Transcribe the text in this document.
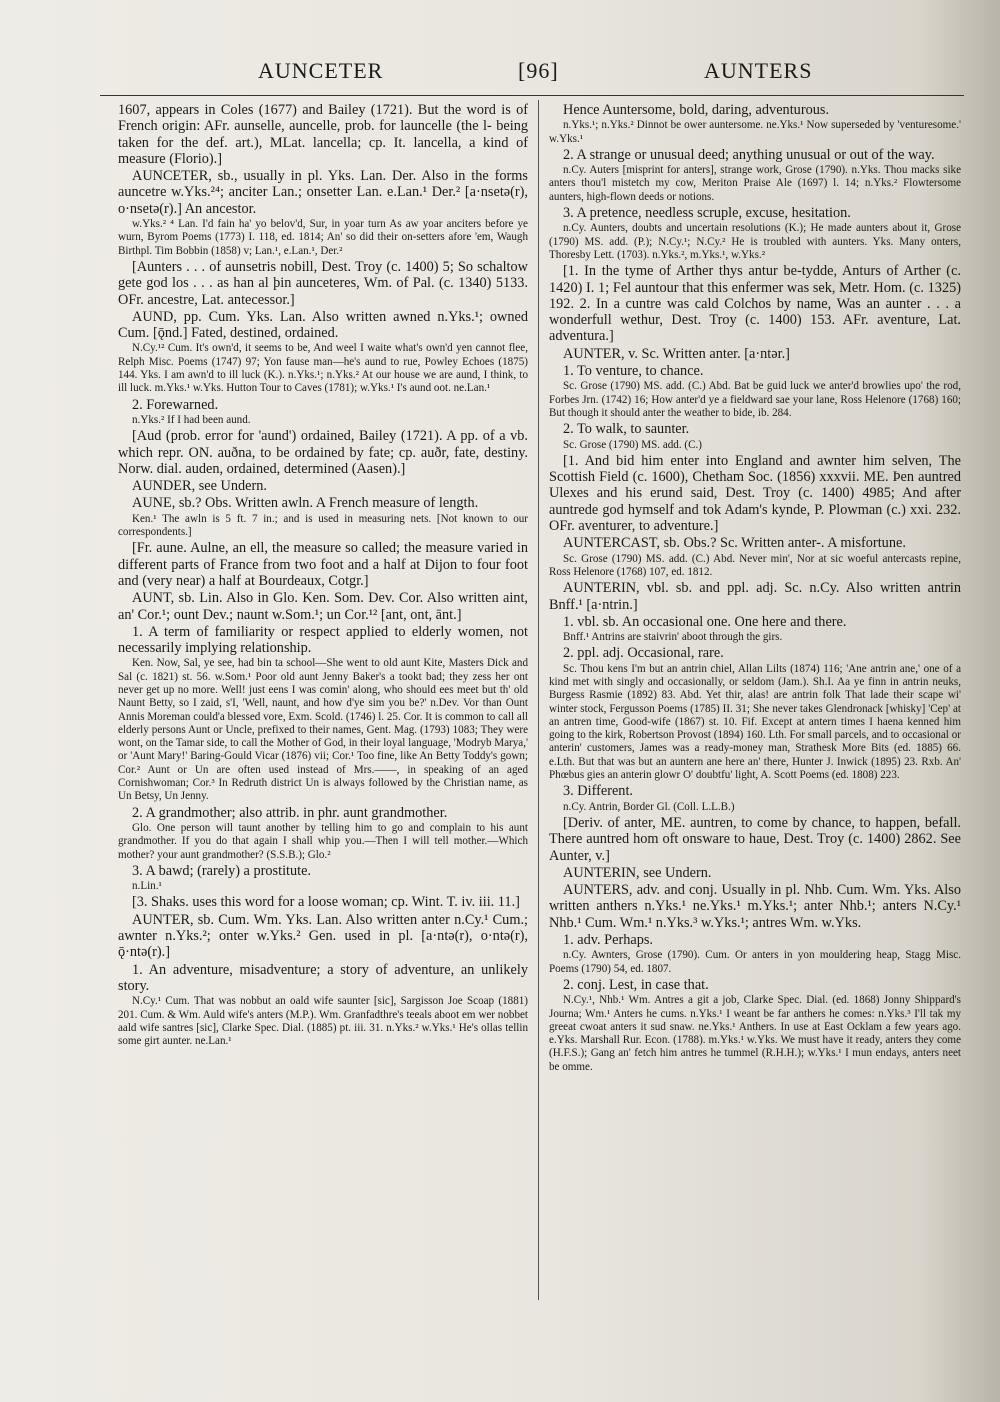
AUNCETER	[96]	AUNTERS

1607, appears in Coles (1677) and Bailey (1721). But the word is of French origin: AFr. aunselle, auncelle, prob. for launcelle (the l- being taken for the def. art.), MLat. lancella; cp. It. lancella, a kind of measure (Florio).]

AUNCETER, sb., usually in pl. Yks. Lan. Der. Also in the forms auncetre w.Yks.²⁴; anciter Lan.; onsetter Lan. e.Lan.¹ Der.² [a·nsetə(r), o·nsetə(r).] An ancestor.

w.Yks.² ⁴ Lan. I'd fain ha' yo belov'd, Sur, in yoar turn As aw yoar anciters before ye wurn, Byrom Poems (1773) I. 118, ed. 1814; An' so did their on-setters afore 'em, Waugh Birthpl. Tim Bobbin (1858) v; Lan.¹, e.Lan.¹, Der.²

[Aunters . . . of aunsetris nobill, Dest. Troy (c. 1400) 5; So schaltow gete god los . . . as han al þin aunceteres, Wm. of Pal. (c. 1340) 5133. OFr. ancestre, Lat. antecessor.]

AUND, pp. Cum. Yks. Lan. Also written awned n.Yks.¹; owned Cum. [ǭnd.] Fated, destined, ordained.

N.Cy.¹² Cum. It's own'd, it seems to be, And weel I waite what's own'd yen cannot flee, Relph Misc. Poems (1747) 97; Yon fause man—he's aund to rue, Powley Echoes (1875) 144. Yks. I am awn'd to ill luck (K.). n.Yks.¹; n.Yks.² At our house we are aund, I think, to ill luck. m.Yks.¹ w.Yks. Hutton Tour to Caves (1781); w.Yks.¹ I's aund oot. ne.Lan.¹

2. Forewarned.

n.Yks.² If I had been aund.

[Aud (prob. error for 'aund') ordained, Bailey (1721). A pp. of a vb. which repr. ON. auðna, to be ordained by fate; cp. auðr, fate, destiny. Norw. dial. auden, ordained, determined (Aasen).]

AUNDER, see Undern.

AUNE, sb.? Obs. Written awln. A French measure of length.

Ken.¹ The awln is 5 ft. 7 in.; and is used in measuring nets. [Not known to our correspondents.]

[Fr. aune. Aulne, an ell, the measure so called; the measure varied in different parts of France from two foot and a half at Dijon to four foot and (very near) a half at Bourdeaux, Cotgr.]

AUNT, sb. Lin. Also in Glo. Ken. Som. Dev. Cor. Also written aint, an' Cor.¹; ount Dev.; naunt w.Som.¹; un Cor.¹² [ant, ont, ānt.]

1. A term of familiarity or respect applied to elderly women, not necessarily implying relationship.

Ken. Now, Sal, ye see, had bin ta school—She went to old aunt Kite, Masters Dick and Sal (c. 1821) st. 56. w.Som.¹ Poor old aunt Jenny Baker's a tookt bad; they zess her ont never get up no more. Well! just eens I was comin' along, who should ees meet but th' old Naunt Betty, so I zaid, s'I, 'Well, naunt, and how d'ye sim you be?' n.Dev. Vor than Ount Annis Moreman could'a blessed vore, Exm. Scold. (1746) l. 25. Cor. It is common to call all elderly persons Aunt or Uncle, prefixed to their names, Gent. Mag. (1793) 1083; They were wont, on the Tamar side, to call the Mother of God, in their loyal language, 'Modryb Marya,' or 'Aunt Mary!' Baring-Gould Vicar (1876) vii; Cor.¹ Too fine, like An Betty Toddy's gown; Cor.² Aunt or Un are often used instead of Mrs.——, in speaking of an aged Cornishwoman; Cor.³ In Redruth district Un is always followed by the Christian name, as Un Betsy, Un Jenny.

2. A grandmother; also attrib. in phr. aunt grandmother.

Glo. One person will taunt another by telling him to go and complain to his aunt grandmother. If you do that again I shall whip you.—Then I will tell mother.—Which mother? your aunt grandmother? (S.S.B.); Glo.²

3. A bawd; (rarely) a prostitute.

n.Lin.¹

[3. Shaks. uses this word for a loose woman; cp. Wint. T. iv. iii. 11.]

AUNTER, sb. Cum. Wm. Yks. Lan. Also written anter n.Cy.¹ Cum.; awnter n.Yks.²; onter w.Yks.² Gen. used in pl. [a·ntə(r), o·ntə(r), ǭ·ntə(r).]

1. An adventure, misadventure; a story of adventure, an unlikely story.

N.Cy.¹ Cum. That was nobbut an oald wife saunter [sic], Sargisson Joe Scoap (1881) 201. Cum. & Wm. Auld wife's anters (M.P.). Wm. Granfadthre's teeals aboot em wer nobbet aald wife santres [sic], Clarke Spec. Dial. (1885) pt. iii. 31. n.Yks.² w.Yks.¹ He's ollas tellin some girt aunter. ne.Lan.¹

Hence Auntersome, bold, daring, adventurous.

n.Yks.¹; n.Yks.² Dinnot be ower auntersome. ne.Yks.¹ Now superseded by 'venturesome.' w.Yks.¹

2. A strange or unusual deed; anything unusual or out of the way.

n.Cy. Auters [misprint for anters], strange work, Grose (1790). n.Yks. Thou macks sike anters thou'l mistetch my cow, Meriton Praise Ale (1697) l. 14; n.Yks.² Flowtersome aunters, high-flown deeds or notions.

3. A pretence, needless scruple, excuse, hesitation.

n.Cy. Aunters, doubts and uncertain resolutions (K.); He made aunters about it, Grose (1790) MS. add. (P.); N.Cy.¹; N.Cy.² He is troubled with aunters. Yks. Many onters, Thoresby Lett. (1703). n.Yks.², m.Yks.¹, w.Yks.²

[1. In the tyme of Arther thys antur be-tydde, Anturs of Arther (c. 1420) I. 1; Fel auntour that this enfermer was sek, Metr. Hom. (c. 1325) 192. 2. In a cuntre was cald Colchos by name, Was an aunter . . . a wonderfull wethur, Dest. Troy (c. 1400) 153. AFr. aventure, Lat. adventura.]

AUNTER, v. Sc. Written anter. [a·ntər.]

1. To venture, to chance.

Sc. Grose (1790) MS. add. (C.) Abd. Bat be guid luck we anter'd browlies upo' the rod, Forbes Jrn. (1742) 16; How anter'd ye a fieldward sae your lane, Ross Helenore (1768) 160; But though it should anter the weather to bide, ib. 284.

2. To walk, to saunter.

Sc. Grose (1790) MS. add. (C.)

[1. And bid him enter into England and awnter him selven, The Scottish Field (c. 1600), Chetham Soc. (1856) xxxvii. ME. Þen auntred Ulexes and his erund said, Dest. Troy (c. 1400) 4985; And after auntrede god hymself and tok Adam's kynde, P. Plowman (c.) xxi. 232. OFr. aventurer, to adventure.]

AUNTERCAST, sb. Obs.? Sc. Written anter-. A misfortune.

Sc. Grose (1790) MS. add. (C.) Abd. Never min', Nor at sic woeful antercasts repine, Ross Helenore (1768) 107, ed. 1812.

AUNTERIN, vbl. sb. and ppl. adj. Sc. n.Cy. Also written antrin Bnff.¹ [a·ntrin.]

1. vbl. sb. An occasional one. One here and there.

Bnff.¹ Antrins are staivrin' aboot through the girs.

2. ppl. adj. Occasional, rare.

Sc. Thou kens I'm but an antrin chiel, Allan Lilts (1874) 116; 'Ane antrin ane,' one of a kind met with singly and occasionally, or seldom (Jam.). Sh.I. Aa ye finn in antrin neuks, Burgess Rasmie (1892) 83. Abd. Yet thir, alas! are antrin folk That lade their scape wi' winter stock, Fergusson Poems (1785) II. 31; She never takes Glendronack [whisky] 'Cep' at an antren time, Good-wife (1867) st. 10. Fif. Except at antern times I haena kenned him going to the kirk, Robertson Provost (1894) 160. Lth. For small parcels, and to occasional or anterin' customers, James was a ready-money man, Strathesk More Bits (ed. 1885) 66. e.Lth. But that was but an auntern ane here an' there, Hunter J. Inwick (1895) 23. Rxb. An' Phœbus gies an anterin glowr O' doubtfu' light, A. Scott Poems (ed. 1808) 223.

3. Different.

n.Cy. Antrin, Border Gl. (Coll. L.L.B.)

[Deriv. of anter, ME. auntren, to come by chance, to happen, befall. There auntred hom oft onsware to haue, Dest. Troy (c. 1400) 2862. See Aunter, v.]

AUNTERIN, see Undern.

AUNTERS, adv. and conj. Usually in pl. Nhb. Cum. Wm. Yks. Also written anthers n.Yks.¹ ne.Yks.¹ m.Yks.¹; anter Nhb.¹; anters N.Cy.¹ Nhb.¹ Cum. Wm.¹ n.Yks.³ w.Yks.¹; antres Wm. w.Yks.

1. adv. Perhaps.

n.Cy. Awnters, Grose (1790). Cum. Or anters in yon mouldering heap, Stagg Misc. Poems (1790) 54, ed. 1807.

2. conj. Lest, in case that.

N.Cy.¹, Nhb.¹ Wm. Antres a git a job, Clarke Spec. Dial. (ed. 1868) Jonny Shippard's Journa; Wm.¹ Anters he cums. n.Yks.¹ I weant be far anthers he comes: n.Yks.³ I'll tak my greeat cwoat anters it sud snaw. ne.Yks.¹ Anthers. In use at East Ocklam a few years ago. e.Yks. Marshall Rur. Econ. (1788). m.Yks.¹ w.Yks. We must have it ready, anters they come (H.F.S.); Gang an' fetch him antres he tummel (R.H.H.); w.Yks.¹ I mun endays, anters neet be omme.
